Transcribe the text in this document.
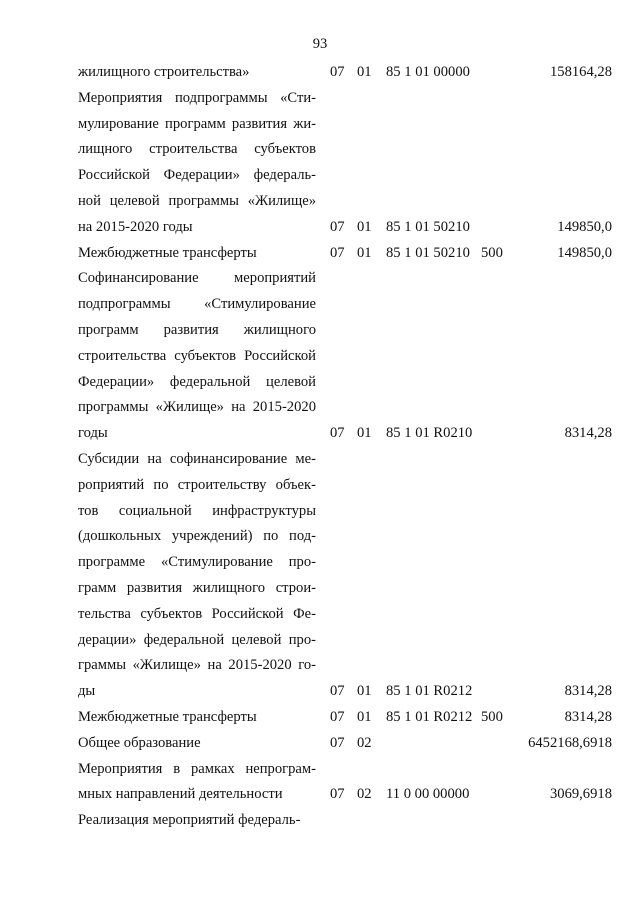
93
жилищного строительства»	07 01 85 1 01 00000	158164,28
Мероприятия подпрограммы «Сти-
мулирование программ развития жи-
лищного строительства субъектов
Российской Федерации» федераль-
ной целевой программы «Жилище»
на 2015-2020 годы	07 01 85 1 01 50210	149850,0
Межбюджетные трансферты	07 01 85 1 01 50210 500	149850,0
Софинансирование мероприятий
подпрограммы «Стимулирование
программ развития жилищного
строительства субъектов Российской
Федерации» федеральной целевой
программы «Жилище» на 2015-2020
годы	07 01 85 1 01 R0210	8314,28
Субсидии на софинансирование ме-
роприятий по строительству объек-
тов социальной инфраструктуры
(дошкольных учреждений) по под-
программе «Стимулирование про-
грамм развития жилищного строи-
тельства субъектов Российской Фе-
дерации» федеральной целевой про-
граммы «Жилище» на 2015-2020 го-
ды	07 01 85 1 01 R0212	8314,28
Межбюджетные трансферты	07 01 85 1 01 R0212 500	8314,28
Общее образование	07 02	6452168,6918
Мероприятия в рамках непрограм-
мных направлений деятельности	07 02 11 0 00 00000	3069,6918
Реализация мероприятий федераль-
